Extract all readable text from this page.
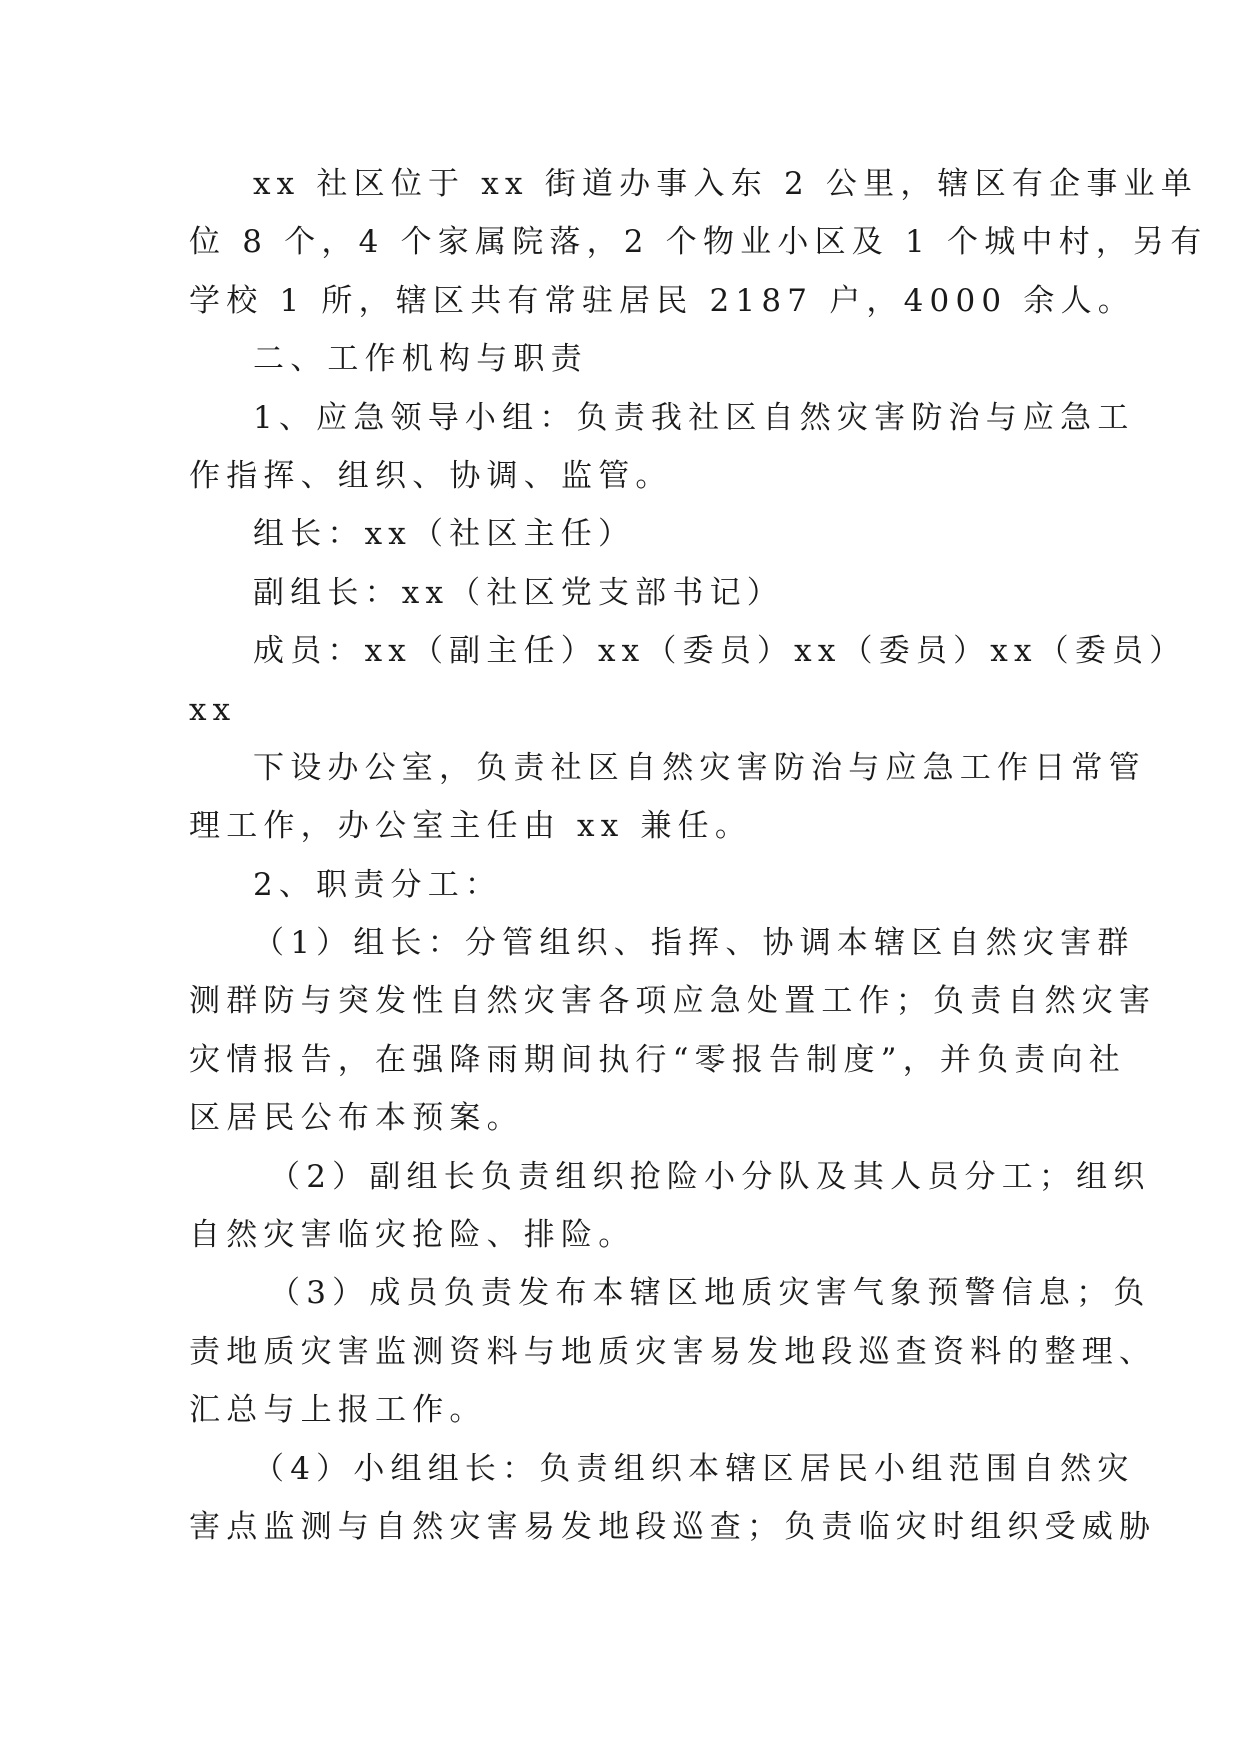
xx 社区位于 xx 街道办事入东 2 公里，辖区有企事业单
位 8 个，4 个家属院落，2 个物业小区及 1 个城中村，另有
学校 1 所，辖区共有常驻居民 2187 户，4000 余人。
二、工作机构与职责
1、应急领导小组：负责我社区自然灾害防治与应急工
作指挥、组织、协调、监管。
组长：xx（社区主任）
副组长：xx（社区党支部书记）
成员：xx（副主任）xx（委员）xx（委员）xx（委员）
xx
下设办公室，负责社区自然灾害防治与应急工作日常管
理工作，办公室主任由 xx 兼任。
2、职责分工：
（1）组长：分管组织、指挥、协调本辖区自然灾害群
测群防与突发性自然灾害各项应急处置工作；负责自然灾害
灾情报告，在强降雨期间执行“零报告制度”，并负责向社
区居民公布本预案。
（2）副组长负责组织抢险小分队及其人员分工；组织
自然灾害临灾抢险、排险。
（3）成员负责发布本辖区地质灾害气象预警信息；负
责地质灾害监测资料与地质灾害易发地段巡查资料的整理、
汇总与上报工作。
（4）小组组长：负责组织本辖区居民小组范围自然灾
害点监测与自然灾害易发地段巡查；负责临灾时组织受威胁
